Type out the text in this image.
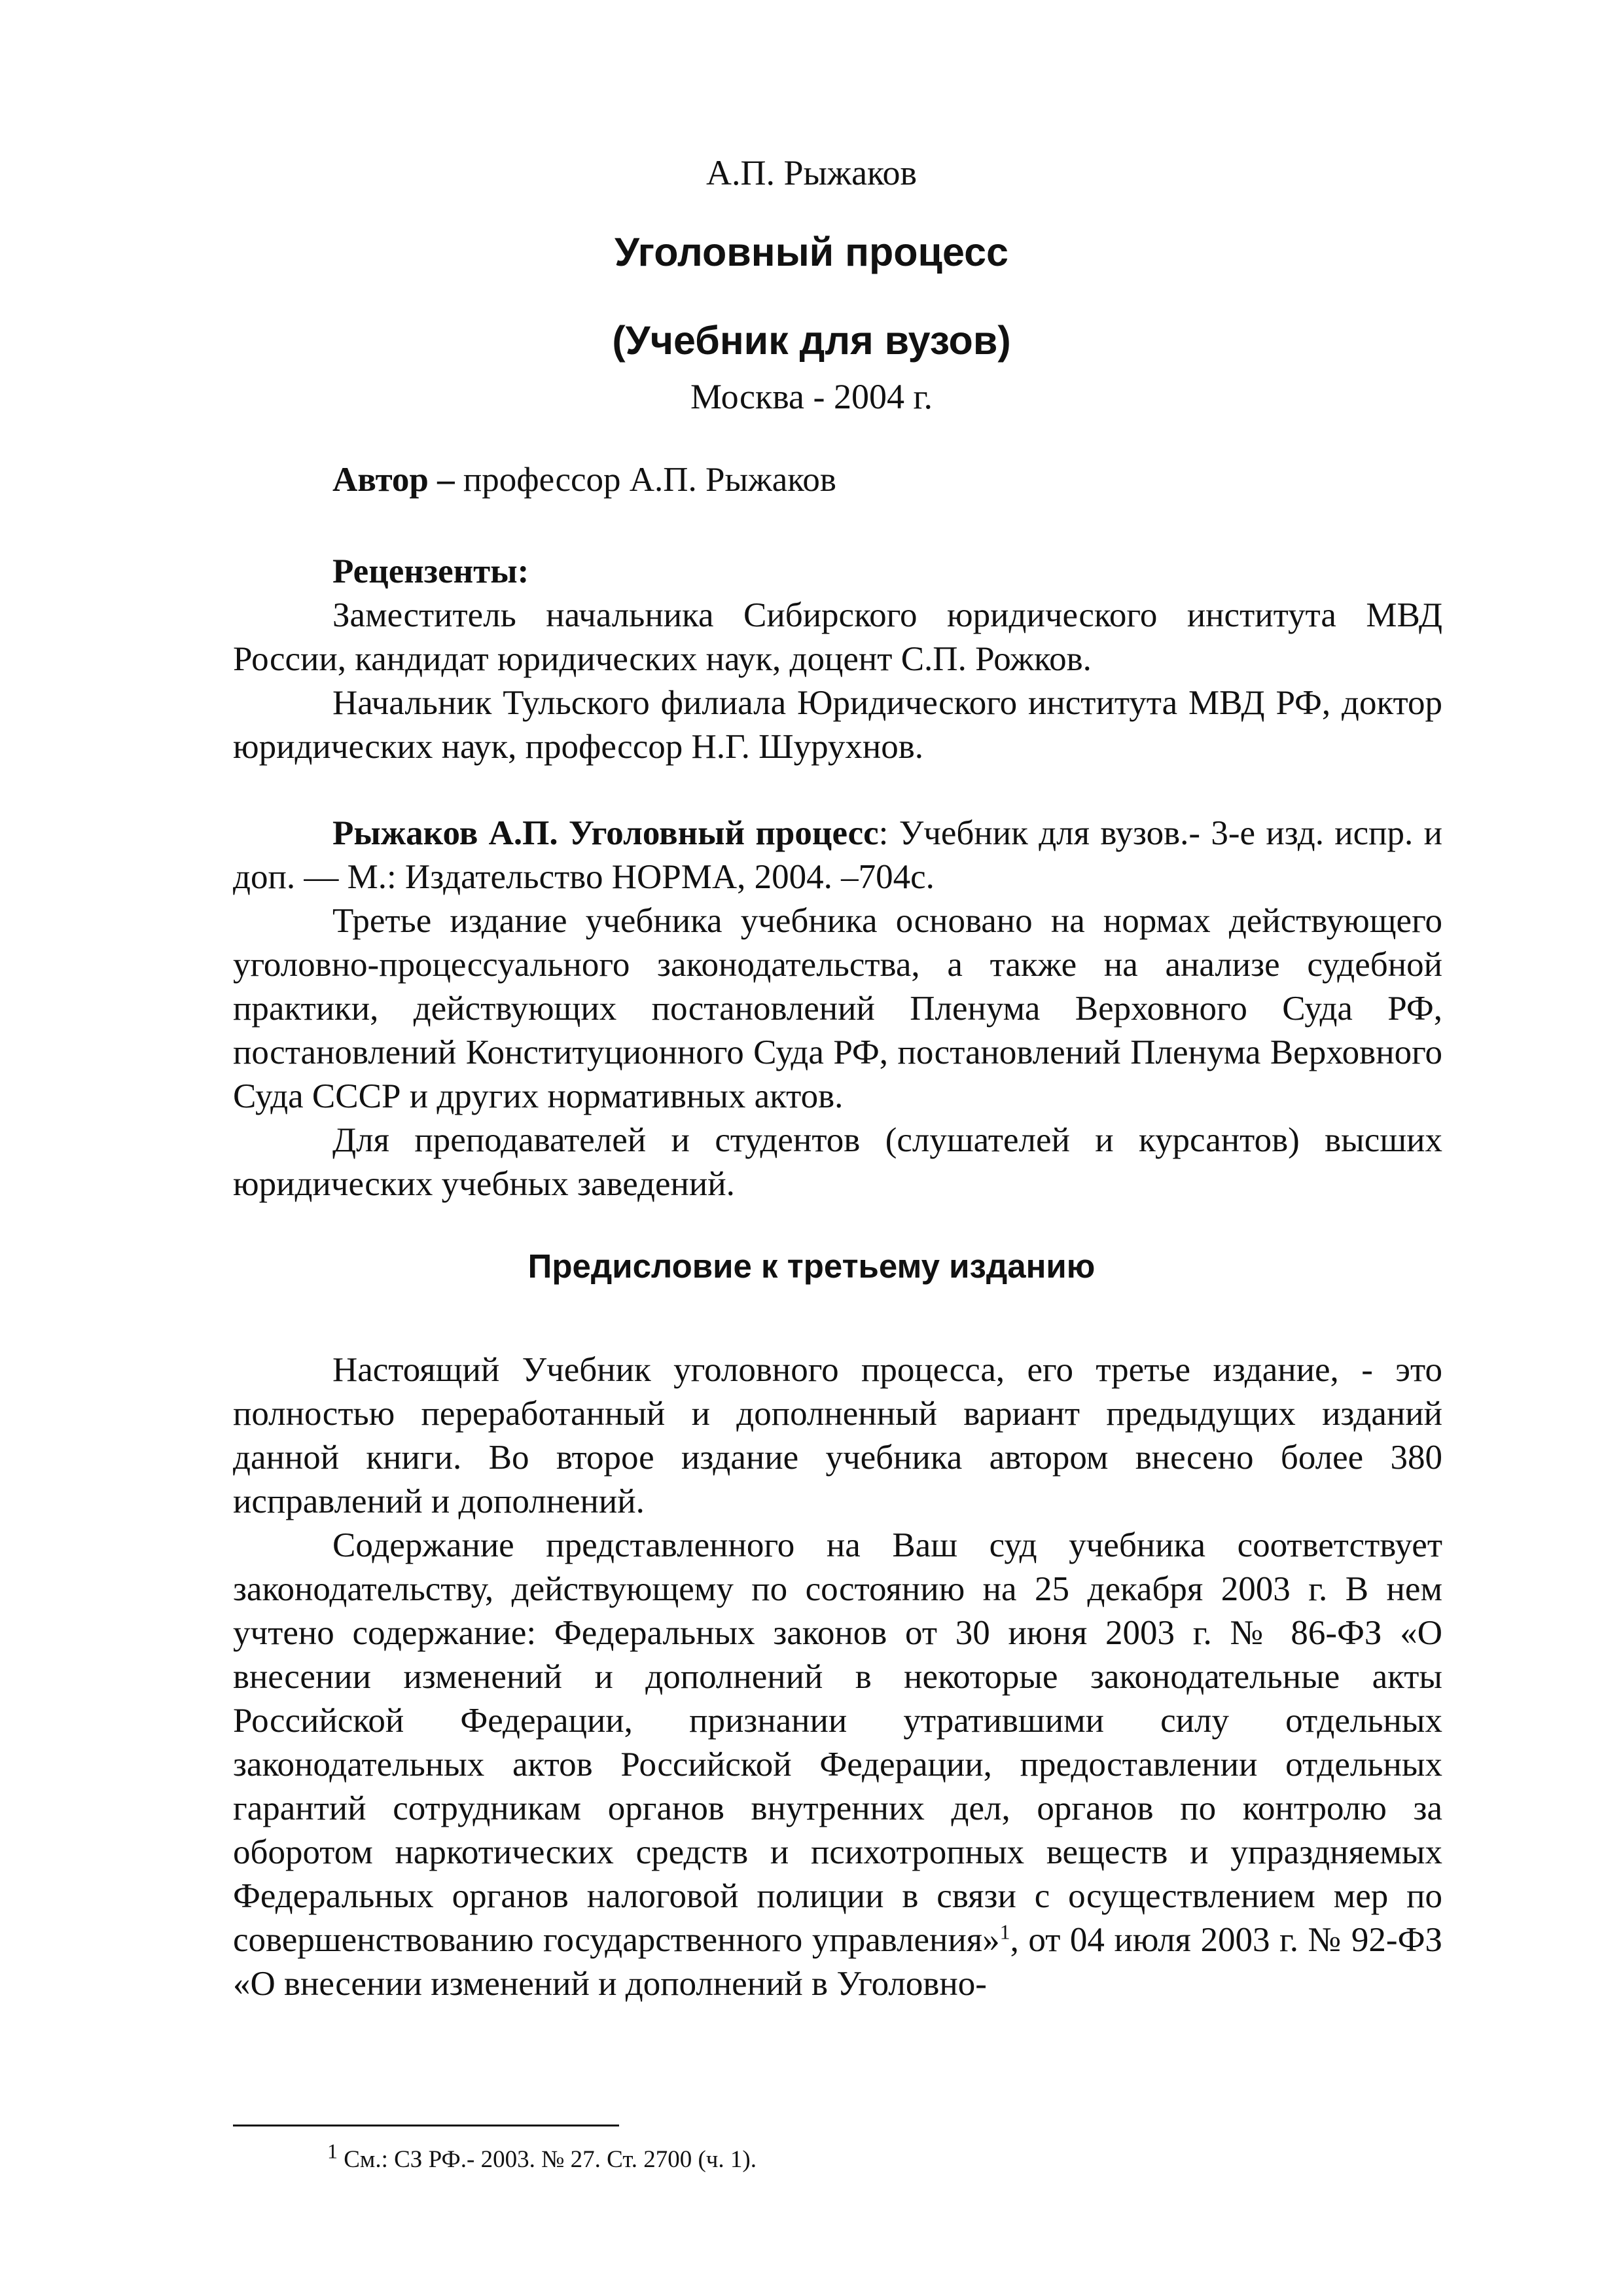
А.П. Рыжаков
Уголовный процесс
(Учебник для вузов)
Москва - 2004 г.

Автор – профессор А.П. Рыжаков

Рецензенты:

Заместитель начальника Сибирского юридического института МВД России, кандидат юридических наук, доцент С.П. Рожков.

Начальник Тульского филиала Юридического института МВД РФ, доктор юридических наук, профессор Н.Г. Шурухнов.

Рыжаков А.П. Уголовный процесс: Учебник для вузов.- 3-е изд. испр. и доп. — М.: Издательство НОРМА, 2004. –704с.

Третье издание учебника учебника основано на нормах действующего уголовно-процессуального законодательства, а также на анализе судебной практики, действующих постановлений Пленума Верховного Суда РФ, постановлений Конституционного Суда РФ, постановлений Пленума Верховного Суда СССР и других нормативных актов.

Для преподавателей и студентов (слушателей и курсантов) высших юридических учебных заведений.

Предисловие к третьему изданию

Настоящий Учебник уголовного процесса, его третье издание, - это полностью переработанный и дополненный вариант предыдущих изданий данной книги. Во второе издание учебника автором внесено более 380 исправлений и дополнений.

Содержание представленного на Ваш суд учебника соответствует законодательству, действующему по состоянию на 25 декабря 2003 г. В нем учтено содержание: Федеральных законов от 30 июня 2003 г. № 86-ФЗ «О внесении изменений и дополнений в некоторые законодательные акты Российской Федерации, признании утратившими силу отдельных законодательных актов Российской Федерации, предоставлении отдельных гарантий сотрудникам органов внутренних дел, органов по контролю за оборотом наркотических средств и психотропных веществ и упраздняемых Федеральных органов налоговой полиции в связи с осуществлением мер по совершенствованию государственного управления»$^1$, от 04 июля 2003 г. № 92-ФЗ «О внесении изменений и дополнений в Уголовно-

$^1$ См.: СЗ РФ.- 2003. № 27. Ст. 2700 (ч. 1).
